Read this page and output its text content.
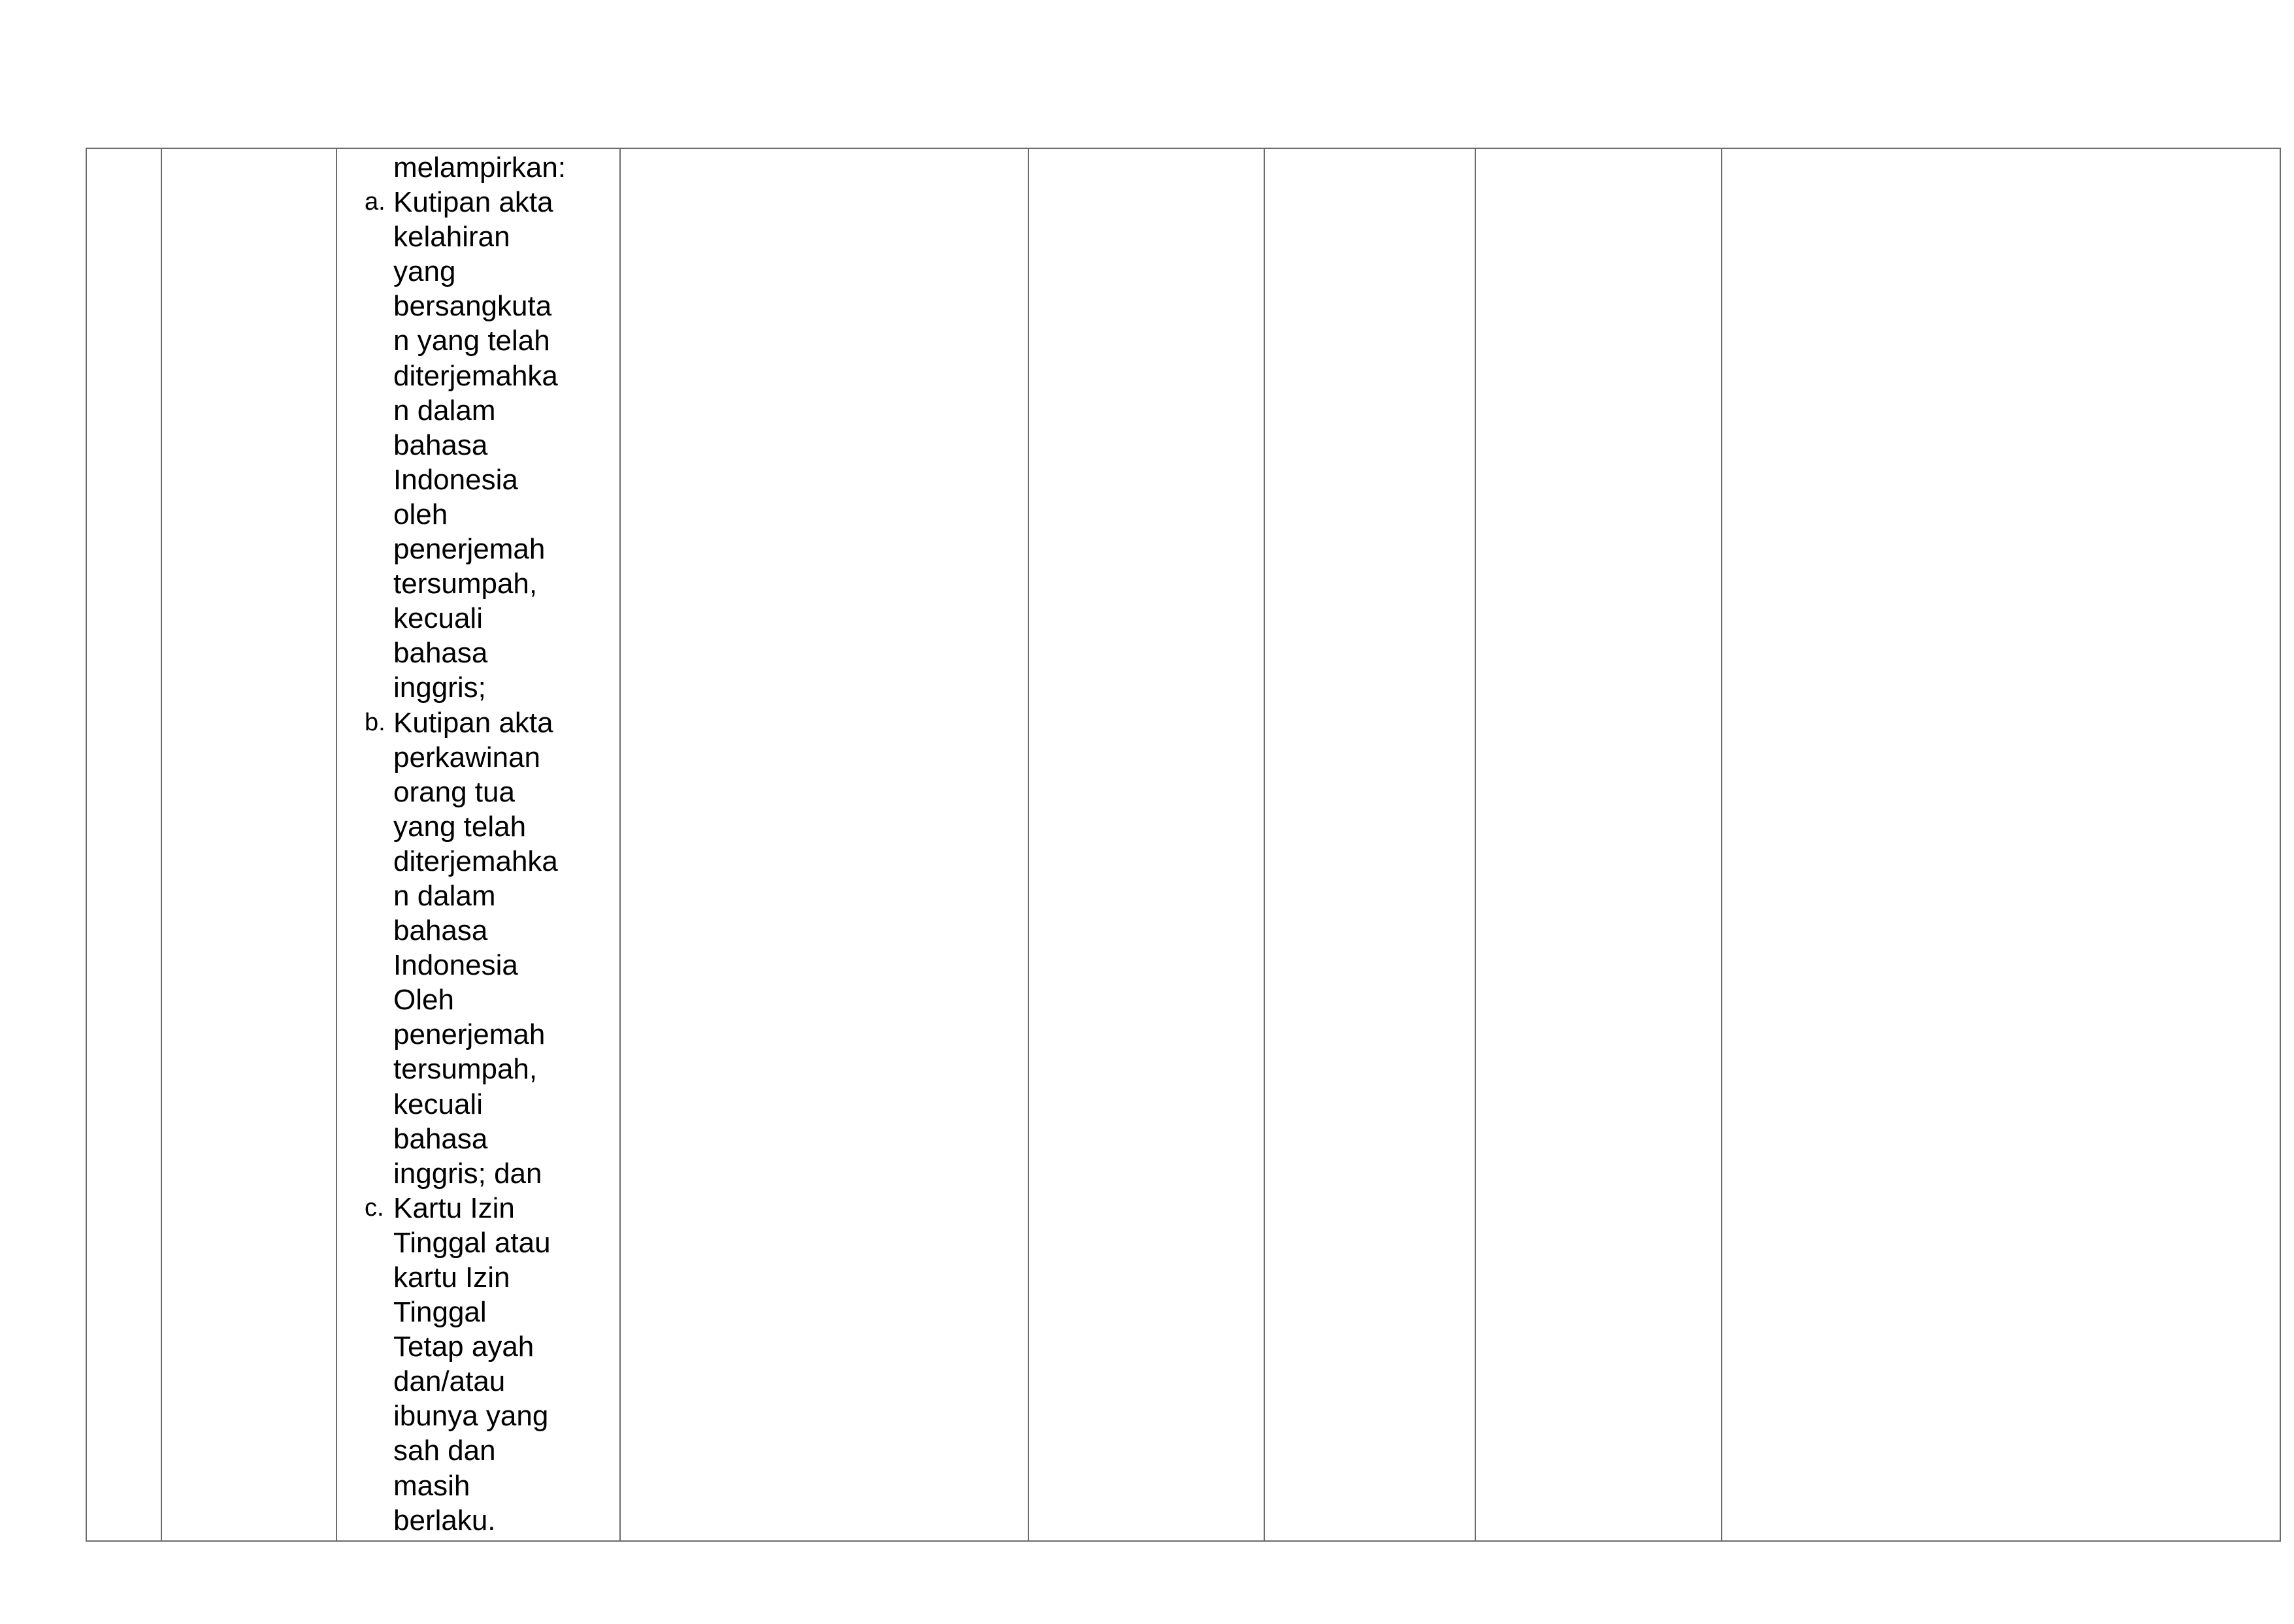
melampirkan:
a. Kutipan akta
kelahiran
yang
bersangkuta
n yang telah
diterjemahka
n dalam
bahasa
Indonesia
oleh
penerjemah
tersumpah,
kecuali
bahasa
inggris;
b. Kutipan akta
perkawinan
orang tua
yang telah
diterjemahka
n dalam
bahasa
Indonesia
Oleh
penerjemah
tersumpah,
kecuali
bahasa
inggris; dan
c. Kartu Izin
Tinggal atau
kartu Izin
Tinggal
Tetap ayah
dan/atau
ibunya yang
sah dan
masih
berlaku.
